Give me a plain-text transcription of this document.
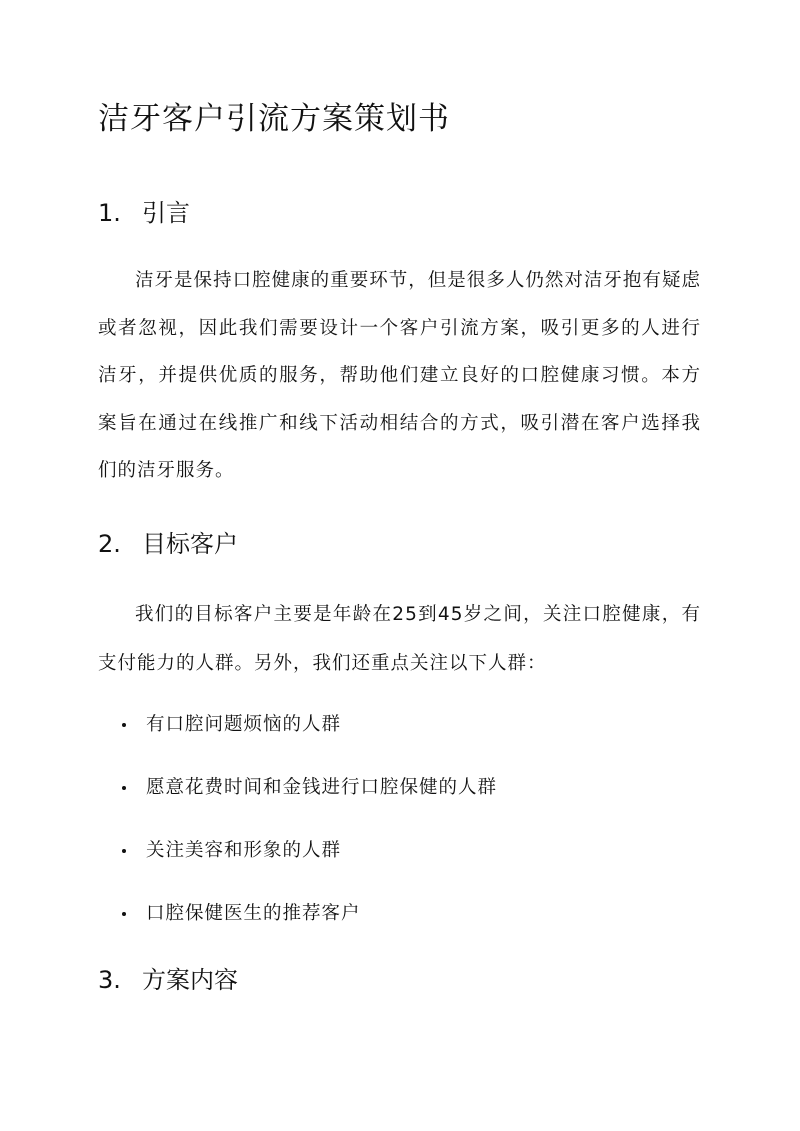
洁牙客户引流方案策划书
1. 引言

洁牙是保持口腔健康的重要环节，但是很多人仍然对洁牙抱有疑虑或者忽视，因此我们需要设计一个客户引流方案，吸引更多的人进行洁牙，并提供优质的服务，帮助他们建立良好的口腔健康习惯。本方案旨在通过在线推广和线下活动相结合的方式，吸引潜在客户选择我们的洁牙服务。

2. 目标客户

我们的目标客户主要是年龄在25到45岁之间，关注口腔健康，有支付能力的人群。另外，我们还重点关注以下人群：

有口腔问题烦恼的人群
愿意花费时间和金钱进行口腔保健的人群
关注美容和形象的人群
口腔保健医生的推荐客户
3. 方案内容
